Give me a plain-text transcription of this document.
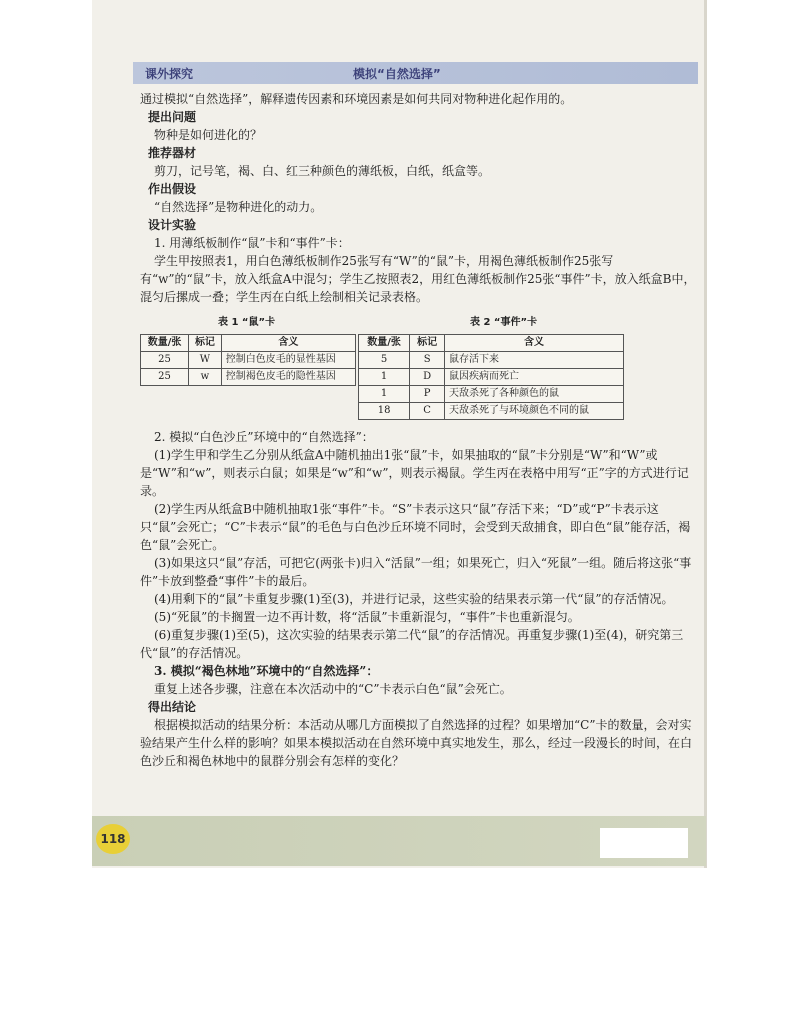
课外探究	模拟“自然选择”

通过模拟“自然选择”，解释遗传因素和环境因素是如何共同对物种进化起作用的。

提出问题

物种是如何进化的？

推荐器材

剪刀，记号笔，褐、白、红三种颜色的薄纸板，白纸，纸盒等。

作出假设

“自然选择”是物种进化的动力。

设计实验

1. 用薄纸板制作“鼠”卡和“事件”卡：

学生甲按照表1，用白色薄纸板制作25张写有“W”的“鼠”卡，用褐色薄纸板制作25张写有“w”的“鼠”卡，放入纸盒A中混匀；学生乙按照表2，用红色薄纸板制作25张“事件”卡，放入纸盒B中，混匀后摞成一叠；学生丙在白纸上绘制相关记录表格。

表 1 “鼠”卡	表 2 “事件”卡
数量/张	标记	含义
25	W	控制白色皮毛的显性基因
25	w	控制褐色皮毛的隐性基因
数量/张	标记	含义
5	S	鼠存活下来
1	D	鼠因疾病而死亡
1	P	天敌杀死了各种颜色的鼠
18	C	天敌杀死了与环境颜色不同的鼠

2. 模拟“白色沙丘”环境中的“自然选择”：

(1)学生甲和学生乙分别从纸盒A中随机抽出1张“鼠”卡，如果抽取的“鼠”卡分别是“W”和“W”或是“W”和“w”，则表示白鼠；如果是“w”和“w”，则表示褐鼠。学生丙在表格中用写“正”字的方式进行记录。

(2)学生丙从纸盒B中随机抽取1张“事件”卡。“S”卡表示这只“鼠”存活下来；“D”或“P”卡表示这只“鼠”会死亡；“C”卡表示“鼠”的毛色与白色沙丘环境不同时，会受到天敌捕食，即白色“鼠”能存活，褐色“鼠”会死亡。

(3)如果这只“鼠”存活，可把它(两张卡)归入“活鼠”一组；如果死亡，归入“死鼠”一组。随后将这张“事件”卡放到整叠“事件”卡的最后。

(4)用剩下的“鼠”卡重复步骤(1)至(3)，并进行记录，这些实验的结果表示第一代“鼠”的存活情况。

(5)“死鼠”的卡搁置一边不再计数，将“活鼠”卡重新混匀，“事件”卡也重新混匀。

(6)重复步骤(1)至(5)，这次实验的结果表示第二代“鼠”的存活情况。再重复步骤(1)至(4)，研究第三代“鼠”的存活情况。

3. 模拟“褐色林地”环境中的“自然选择”：

重复上述各步骤，注意在本次活动中的“C”卡表示白色“鼠”会死亡。

得出结论

根据模拟活动的结果分析：本活动从哪几方面模拟了自然选择的过程？如果增加“C”卡的数量，会对实验结果产生什么样的影响？如果本模拟活动在自然环境中真实地发生，那么，经过一段漫长的时间，在白色沙丘和褐色林地中的鼠群分别会有怎样的变化？

118
